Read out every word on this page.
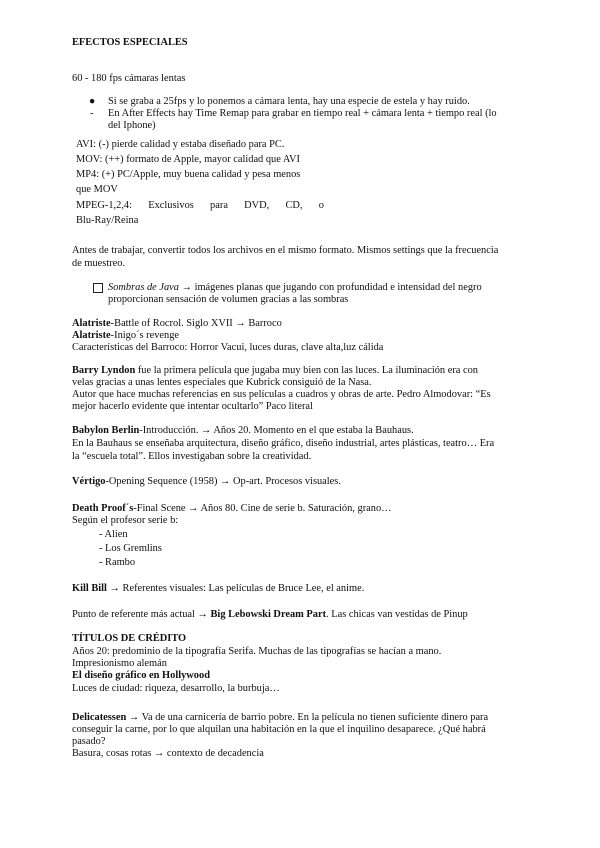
EFECTOS ESPECIALES
60 - 180 fps cámaras lentas
● Si se graba a 25fps y lo ponemos a cámara lenta, hay una especie de estela y hay ruido.
- En After Effects hay Time Remap para grabar en tiempo real + cámara lenta + tiempo real (lo
del Iphone)
AVI: (-) pierde calidad y estaba diseñado para PC.
MOV: (++) formato de Apple, mayor calidad que AVI
MP4: (+) PC/Apple, muy buena calidad y pesa menos
que MOV
MPEG-1,2,4: Exclusivos para DVD, CD, o
Blu-Ray/Reina
Antes de trabajar, convertir todos los archivos en el mismo formato. Mismos settings que la frecuencia
de muestreo.
Sombras de Java → imágenes planas que jugando con profundidad e intensidad del negro
proporcionan sensación de volumen gracias a las sombras
Alatriste-Battle of Rocrol. Siglo XVII → Barroco
Alatriste-Inigo´s revenge
Características del Barroco: Horror Vacui, luces duras, clave alta,luz cálida
Barry Lyndon fue la primera película que jugaba muy bien con las luces. La iluminación era con
velas gracias a unas lentes especiales que Kubrick consiguió de la Nasa.
Autor que hace muchas referencias en sus películas a cuadros y obras de arte. Pedro Almodovar: “Es
mejor hacerlo evidente que intentar ocultarlo” Paco literal
Babylon Berlin-Introducción. → Años 20. Momento en el que estaba la Bauhaus.
En la Bauhaus se enseñaba arquitectura, diseño gráfico, diseño industrial, artes plásticas, teatro… Era
la “escuela total”. Ellos investigaban sobre la creatividad.
Vértigo-Opening Sequence (1958) → Op-art. Procesos visuales.
Death Proof´s-Final Scene → Años 80. Cine de serie b. Saturación, grano…
Según el profesor serie b:
- Alien
- Los Gremlins
- Rambo
Kill Bill → Referentes visuales: Las películas de Bruce Lee, el anime.
Punto de referente más actual → Big Lebowski Dream Part. Las chicas van vestidas de Pinup
TÍTULOS DE CRÉDITO
Años 20: predominio de la tipografía Serifa. Muchas de las tipografías se hacían a mano.
Impresionismo alemán
El diseño gráfico en Hollywood
Luces de ciudad: riqueza, desarrollo, la burbuja…
Delicatessen → Va de una carnicería de barrio pobre. En la película no tienen suficiente dinero para
conseguir la carne, por lo que alquilan una habitación en la que el inquilino desaparece. ¿Qué habrá
pasado?
Basura, cosas rotas → contexto de decadencia
